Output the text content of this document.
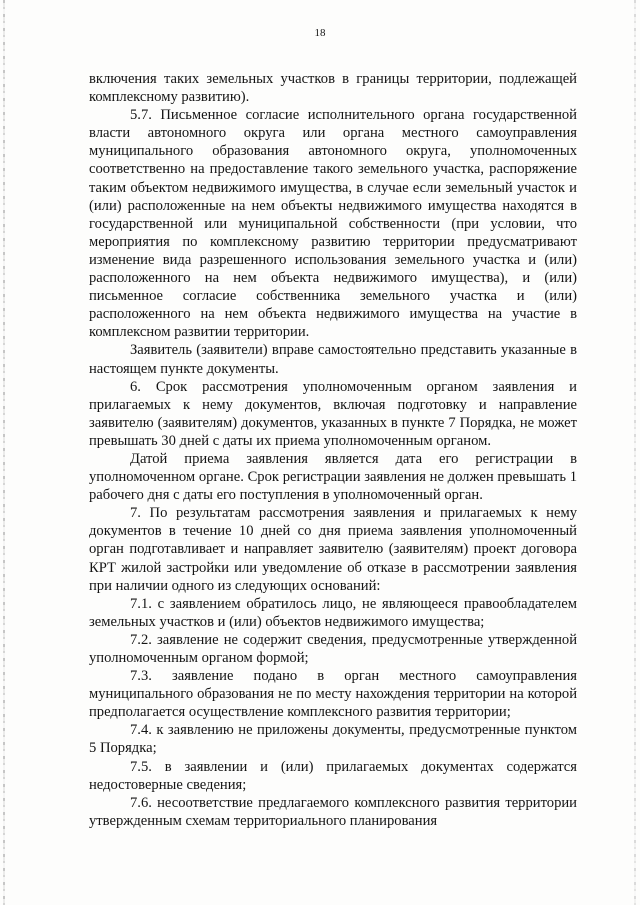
18

включения таких земельных участков в границы территории, подлежащей комплексному развитию).

5.7. Письменное согласие исполнительного органа государственной власти автономного округа или органа местного самоуправления муниципального образования автономного округа, уполномоченных соответственно на предоставление такого земельного участка, распоряжение таким объектом недвижимого имущества, в случае если земельный участок и (или) расположенные на нем объекты недвижимого имущества находятся в государственной или муниципальной собственности (при условии, что мероприятия по комплексному развитию территории предусматривают изменение вида разрешенного использования земельного участка и (или) расположенного на нем объекта недвижимого имущества), и (или) письменное согласие собственника земельного участка и (или) расположенного на нем объекта недвижимого имущества на участие в комплексном развитии территории.

Заявитель (заявители) вправе самостоятельно представить указанные в настоящем пункте документы.

6. Срок рассмотрения уполномоченным органом заявления и прилагаемых к нему документов, включая подготовку и направление заявителю (заявителям) документов, указанных в пункте 7 Порядка, не может превышать 30 дней с даты их приема уполномоченным органом.

Датой приема заявления является дата его регистрации в уполномоченном органе. Срок регистрации заявления не должен превышать 1 рабочего дня с даты его поступления в уполномоченный орган.

7. По результатам рассмотрения заявления и прилагаемых к нему документов в течение 10 дней со дня приема заявления уполномоченный орган подготавливает и направляет заявителю (заявителям) проект договора КРТ жилой застройки или уведомление об отказе в рассмотрении заявления при наличии одного из следующих оснований:

7.1. с заявлением обратилось лицо, не являющееся правообладателем земельных участков и (или) объектов недвижимого имущества;

7.2. заявление не содержит сведения, предусмотренные утвержденной уполномоченным органом формой;

7.3. заявление подано в орган местного самоуправления муниципального образования не по месту нахождения территории на которой предполагается осуществление комплексного развития территории;

7.4. к заявлению не приложены документы, предусмотренные пунктом 5 Порядка;

7.5. в заявлении и (или) прилагаемых документах содержатся недостоверные сведения;

7.6. несоответствие предлагаемого комплексного развития территории утвержденным схемам территориального планирования
